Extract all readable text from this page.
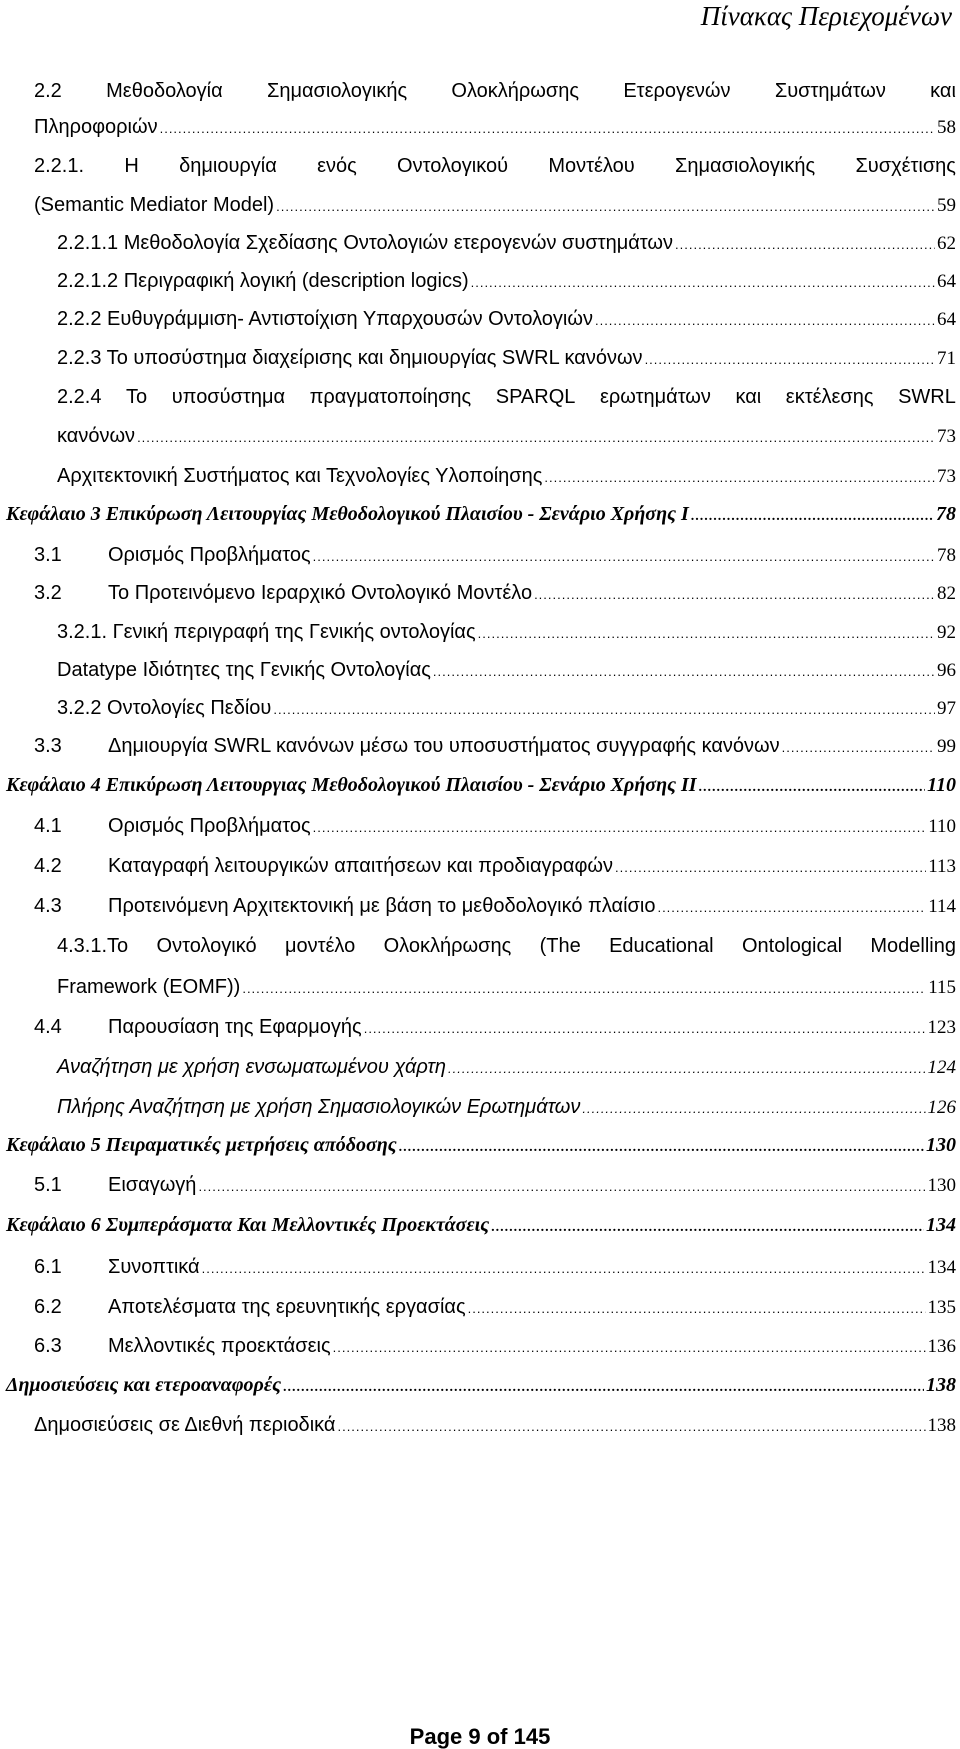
Πίνακας Περιεχομένων
2.2 Μεθοδολογία Σημασιολογικής Ολοκλήρωσης Ετερογενών Συστημάτων και
Πληροφοριών .....	58
2.2.1. Η δημιουργία ενός Οντολογικού Μοντέλου Σημασιολογικής Συσχέτισης
(Semantic Mediator Model) .....	59
2.2.1.1 Μεθοδολογία Σχεδίασης Οντολογιών ετερογενών συστημάτων .....	62
2.2.1.2 Περιγραφική λογική (description logics) .....	64
2.2.2 Ευθυγράμμιση- Αντιστοίχιση Υπαρχουσών Οντολογιών .....	64
2.2.3 Το υποσύστημα διαχείρισης και δημιουργίας SWRL κανόνων .....	71
2.2.4 Το υποσύστημα πραγματοποίησης SPARQL ερωτημάτων και εκτέλεσης SWRL
κανόνων .....	73
Αρχιτεκτονική Συστήματος και Τεχνολογίες Υλοποίησης .....	73
Κεφάλαιο 3 Επικύρωση Λειτουργίας Μεθοδολογικού Πλαισίου - Σενάριο Χρήσης Ι .....	78
3.1	Ορισμός Προβλήματος .....	78
3.2	Το Προτεινόμενο Ιεραρχικό Οντολογικό Μοντέλο .....	82
3.2.1. Γενική περιγραφή της Γενικής οντολογίας .....	92
Datatype Ιδιότητες της Γενικής Οντολογίας .....	96
3.2.2 Οντολογίες Πεδίου .....	97
3.3	Δημιουργία SWRL κανόνων μέσω του υποσυστήματος συγγραφής κανόνων .....	99
Κεφάλαιο 4 Επικύρωση Λειτουργιας Μεθοδολογικού Πλαισίου - Σενάριο Χρήσης ΙΙ .....	110
4.1	Ορισμός Προβλήματος .....	110
4.2	Καταγραφή λειτουργικών απαιτήσεων και προδιαγραφών .....	113
4.3	Προτεινόμενη Αρχιτεκτονική με βάση το μεθοδολογικό πλαίσιο .....	114
4.3.1.Το Οντολογικό μοντέλο Ολοκλήρωσης (The Educational Ontological Modelling
Framework (EOMF)) .....	115
4.4	Παρουσίαση της Εφαρμογής .....	123
Αναζήτηση με χρήση ενσωματωμένου χάρτη .....	124
Πλήρης Αναζήτηση με χρήση Σημασιολογικών Ερωτημάτων .....	126
Κεφάλαιο 5 Πειραματικές μετρήσεις απόδοσης .....	130
5.1	Εισαγωγή .....	130
Κεφάλαιο 6 Συμπεράσματα Και Μελλοντικές Προεκτάσεις .....	134
6.1	Συνοπτικά .....	134
6.2	Αποτελέσματα της ερευνητικής εργασίας .....	135
6.3	Μελλοντικές προεκτάσεις .....	136
Δημοσιεύσεις και ετεροαναφορές .....	138
Δημοσιεύσεις σε Διεθνή περιοδικά .....	138
Page 9 of 145
